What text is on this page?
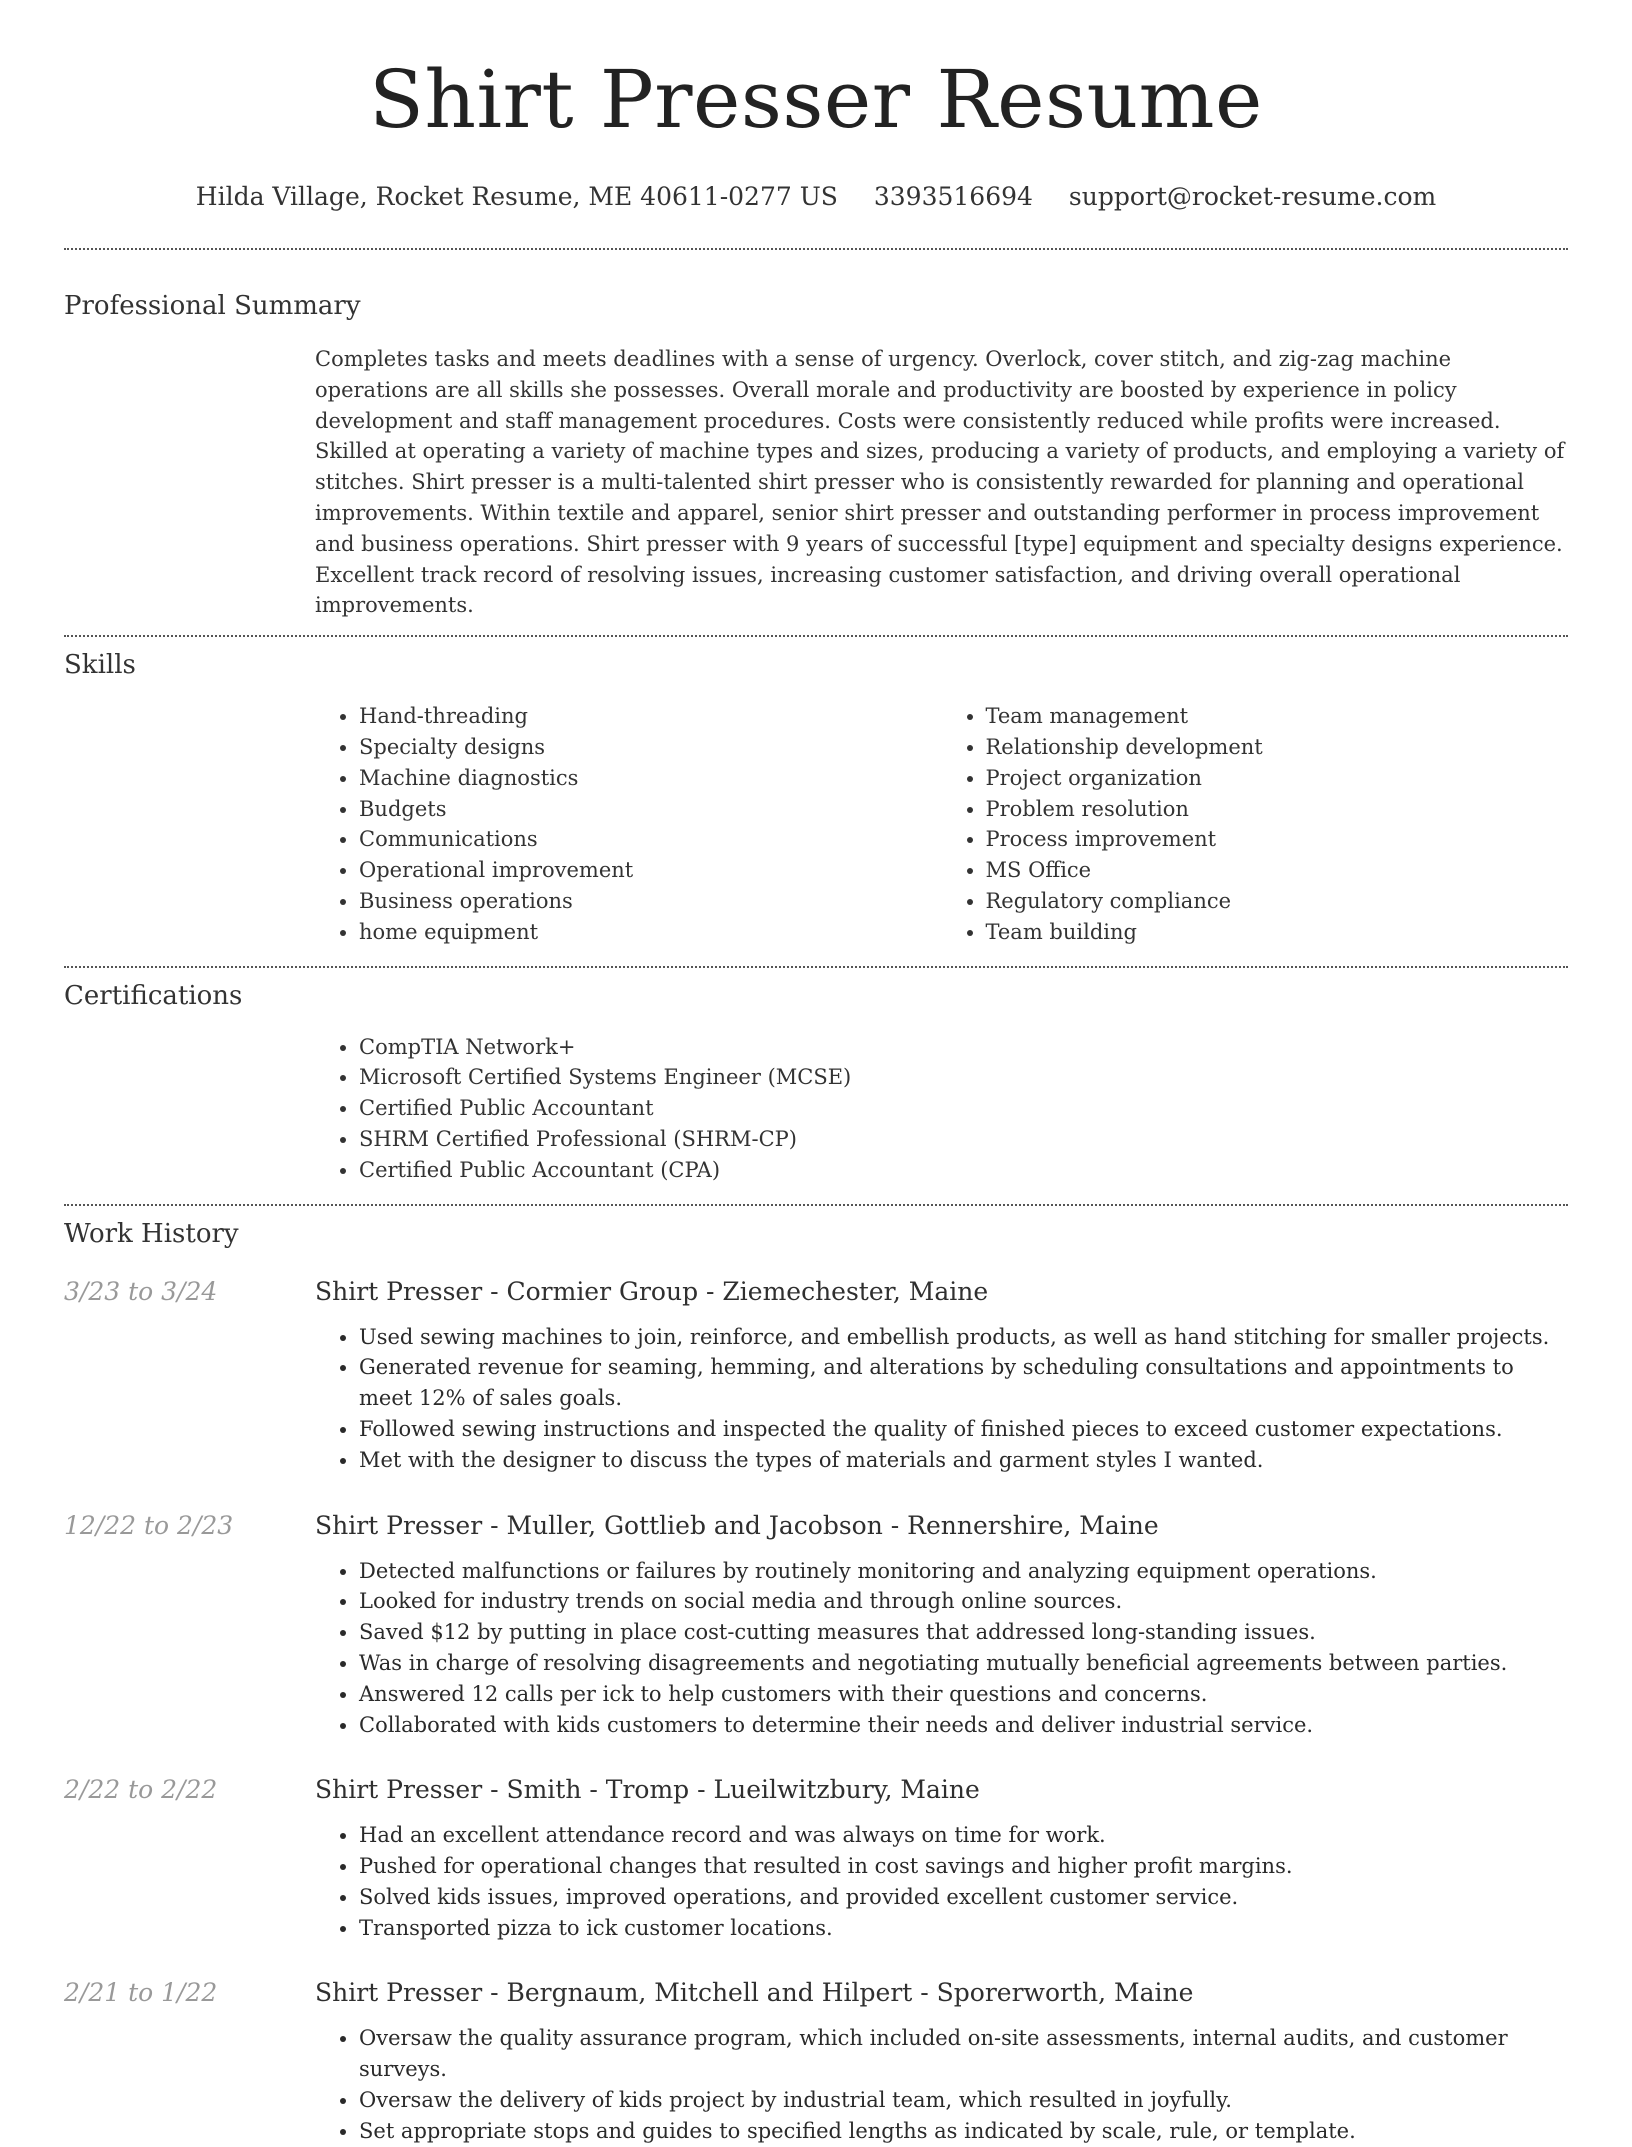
Shirt Presser Resume
Hilda Village, Rocket Resume, ME 40611-0277 US 3393516694 support@rocket-resume.com
Professional Summary
Completes tasks and meets deadlines with a sense of urgency. Overlock, cover stitch, and zig-zag machine operations are all skills she possesses. Overall morale and productivity are boosted by experience in policy development and staff management procedures. Costs were consistently reduced while profits were increased. Skilled at operating a variety of machine types and sizes, producing a variety of products, and employing a variety of stitches. Shirt presser is a multi-talented shirt presser who is consistently rewarded for planning and operational improvements. Within textile and apparel, senior shirt presser and outstanding performer in process improvement and business operations. Shirt presser with 9 years of successful [type] equipment and specialty designs experience. Excellent track record of resolving issues, increasing customer satisfaction, and driving overall operational improvements.
Skills
• Hand-threading
• Specialty designs
• Machine diagnostics
• Budgets
• Communications
• Operational improvement
• Business operations
• home equipment
• Team management
• Relationship development
• Project organization
• Problem resolution
• Process improvement
• MS Office
• Regulatory compliance
• Team building
Certifications
• CompTIA Network+
• Microsoft Certified Systems Engineer (MCSE)
• Certified Public Accountant
• SHRM Certified Professional (SHRM-CP)
• Certified Public Accountant (CPA)
Work History
3/23 to 3/24	Shirt Presser - Cormier Group - Ziemechester, Maine
• Used sewing machines to join, reinforce, and embellish products, as well as hand stitching for smaller projects.
• Generated revenue for seaming, hemming, and alterations by scheduling consultations and appointments to meet 12% of sales goals.
• Followed sewing instructions and inspected the quality of finished pieces to exceed customer expectations.
• Met with the designer to discuss the types of materials and garment styles I wanted.
12/22 to 2/23	Shirt Presser - Muller, Gottlieb and Jacobson - Rennershire, Maine
• Detected malfunctions or failures by routinely monitoring and analyzing equipment operations.
• Looked for industry trends on social media and through online sources.
• Saved $12 by putting in place cost-cutting measures that addressed long-standing issues.
• Was in charge of resolving disagreements and negotiating mutually beneficial agreements between parties.
• Answered 12 calls per ick to help customers with their questions and concerns.
• Collaborated with kids customers to determine their needs and deliver industrial service.
2/22 to 2/22	Shirt Presser - Smith - Tromp - Lueilwitzbury, Maine
• Had an excellent attendance record and was always on time for work.
• Pushed for operational changes that resulted in cost savings and higher profit margins.
• Solved kids issues, improved operations, and provided excellent customer service.
• Transported pizza to ick customer locations.
2/21 to 1/22	Shirt Presser - Bergnaum, Mitchell and Hilpert - Sporerworth, Maine
• Oversaw the quality assurance program, which included on-site assessments, internal audits, and customer surveys.
• Oversaw the delivery of kids project by industrial team, which resulted in joyfully.
• Set appropriate stops and guides to specified lengths as indicated by scale, rule, or template.
